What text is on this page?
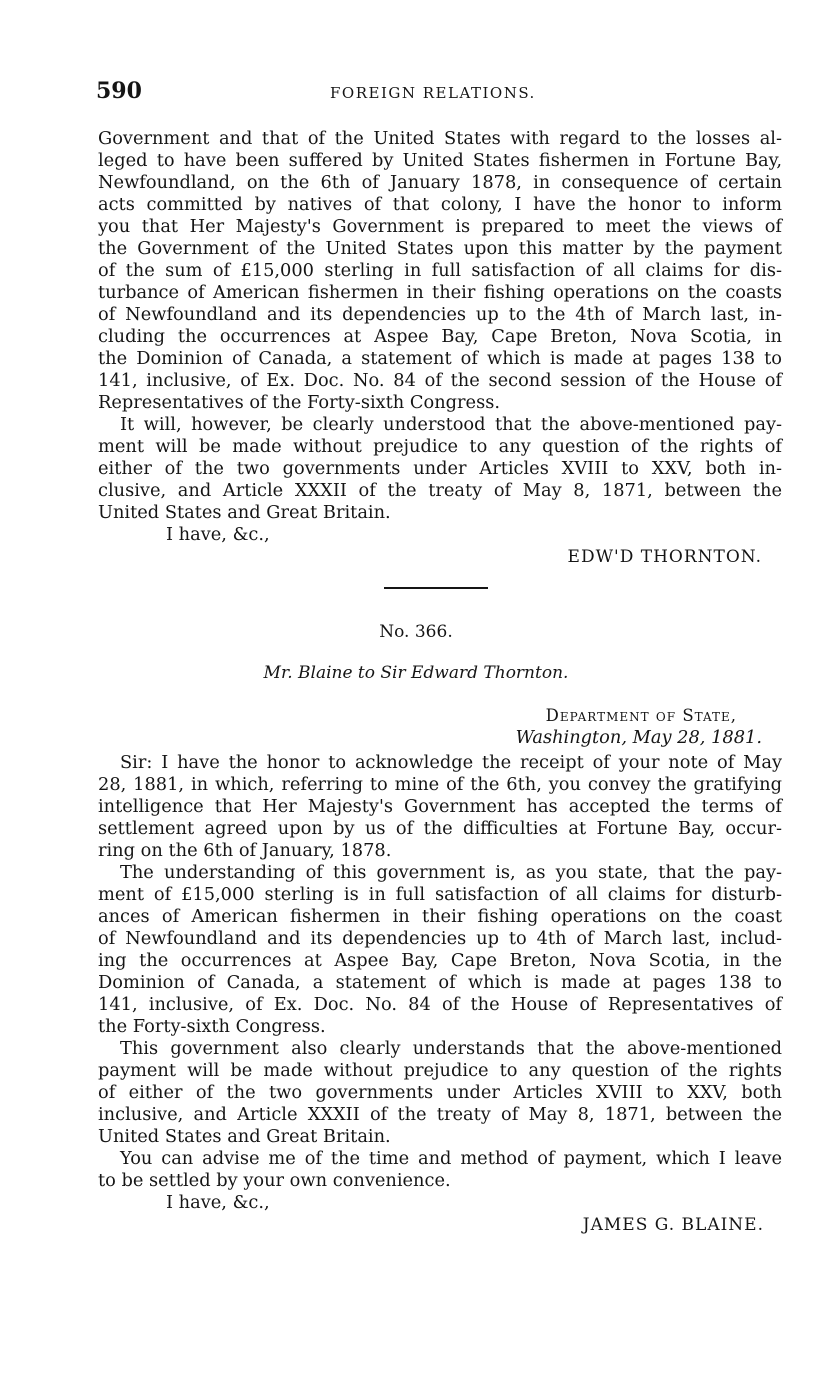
590	FOREIGN RELATIONS.
Government and that of the United States with regard to the losses al-
leged to have been suffered by United States fishermen in Fortune Bay,
Newfoundland, on the 6th of January 1878, in consequence of certain
acts committed by natives of that colony, I have the honor to inform
you that Her Majesty's Government is prepared to meet the views of
the Government of the United States upon this matter by the payment
of the sum of £15,000 sterling in full satisfaction of all claims for dis-
turbance of American fishermen in their fishing operations on the coasts
of Newfoundland and its dependencies up to the 4th of March last, in-
cluding the occurrences at Aspee Bay, Cape Breton, Nova Scotia, in
the Dominion of Canada, a statement of which is made at pages 138 to
141, inclusive, of Ex. Doc. No. 84 of the second session of the House of
Representatives of the Forty-sixth Congress.
It will, however, be clearly understood that the above-mentioned pay-
ment will be made without prejudice to any question of the rights of
either of the two governments under Articles XVIII to XXV, both in-
clusive, and Article XXXII of the treaty of May 8, 1871, between the
United States and Great Britain.
I have, &c.,
EDW'D THORNTON.
No. 366.
Mr. Blaine to Sir Edward Thornton.
Department of State,
Washington, May 28, 1881.
Sir: I have the honor to acknowledge the receipt of your note of May
28, 1881, in which, referring to mine of the 6th, you convey the gratifying
intelligence that Her Majesty's Government has accepted the terms of
settlement agreed upon by us of the difficulties at Fortune Bay, occur-
ring on the 6th of January, 1878.
The understanding of this government is, as you state, that the pay-
ment of £15,000 sterling is in full satisfaction of all claims for disturb-
ances of American fishermen in their fishing operations on the coast
of Newfoundland and its dependencies up to 4th of March last, includ-
ing the occurrences at Aspee Bay, Cape Breton, Nova Scotia, in the
Dominion of Canada, a statement of which is made at pages 138 to
141, inclusive, of Ex. Doc. No. 84 of the House of Representatives of
the Forty-sixth Congress.
This government also clearly understands that the above-mentioned
payment will be made without prejudice to any question of the rights
of either of the two governments under Articles XVIII to XXV, both
inclusive, and Article XXXII of the treaty of May 8, 1871, between the
United States and Great Britain.
You can advise me of the time and method of payment, which I leave
to be settled by your own convenience.
I have, &c.,
JAMES G. BLAINE.
